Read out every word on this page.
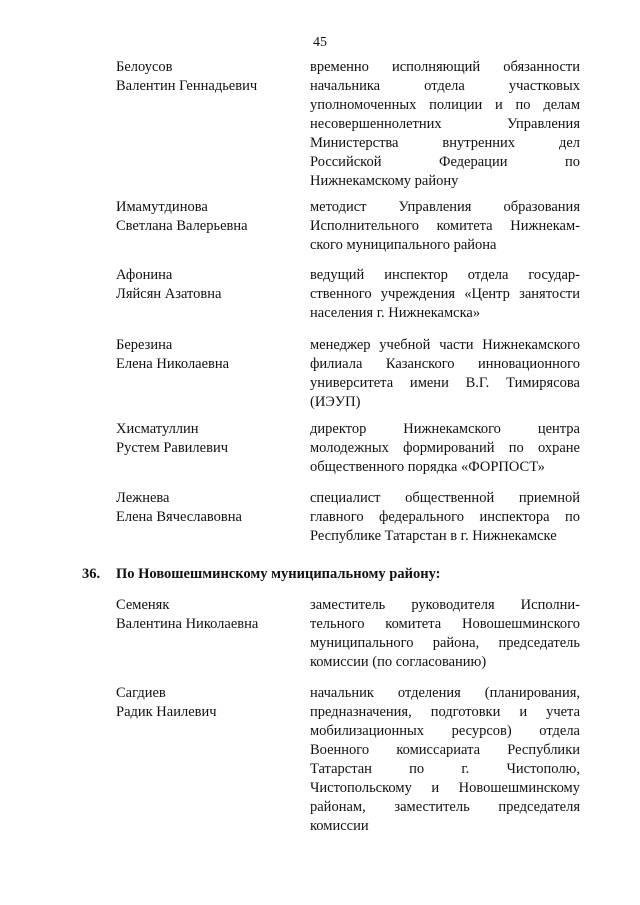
45
Белоусов
Валентин Геннадьевич
временно исполняющий обязанности
начальника отдела участковых
уполномоченных полиции и по делам
несовершеннолетних Управления
Министерства внутренних дел
Российской Федерации по
Нижнекамскому району
Имамутдинова
Светлана Валерьевна
методист Управления образования
Исполнительного комитета Нижнекам-
ского муниципального района
Афонина
Ляйсян Азатовна
ведущий инспектор отдела государ-
ственного учреждения «Центр занятости
населения г. Нижнекамска»
Березина
Елена Николаевна
менеджер учебной части Нижнекамского
филиала Казанского инновационного
университета имени В.Г. Тимирясова
(ИЭУП)
Хисматуллин
Рустем Равилевич
директор Нижнекамского центра
молодежных формирований по охране
общественного порядка «ФОРПОСТ»
Лежнева
Елена Вячеславовна
специалист общественной приемной
главного федерального инспектора по
Республике Татарстан в г. Нижнекамске
36. По Новошешминскому муниципальному району:
Семеняк
Валентина Николаевна
заместитель руководителя Исполни-
тельного комитета Новошешминского
муниципального района, председатель
комиссии (по согласованию)
Сагдиев
Радик Наилевич
начальник отделения (планирования,
предназначения, подготовки и учета
мобилизационных ресурсов) отдела
Военного комиссариата Республики
Татарстан по г. Чистополю,
Чистопольскому и Новошешминскому
районам, заместитель председателя
комиссии
